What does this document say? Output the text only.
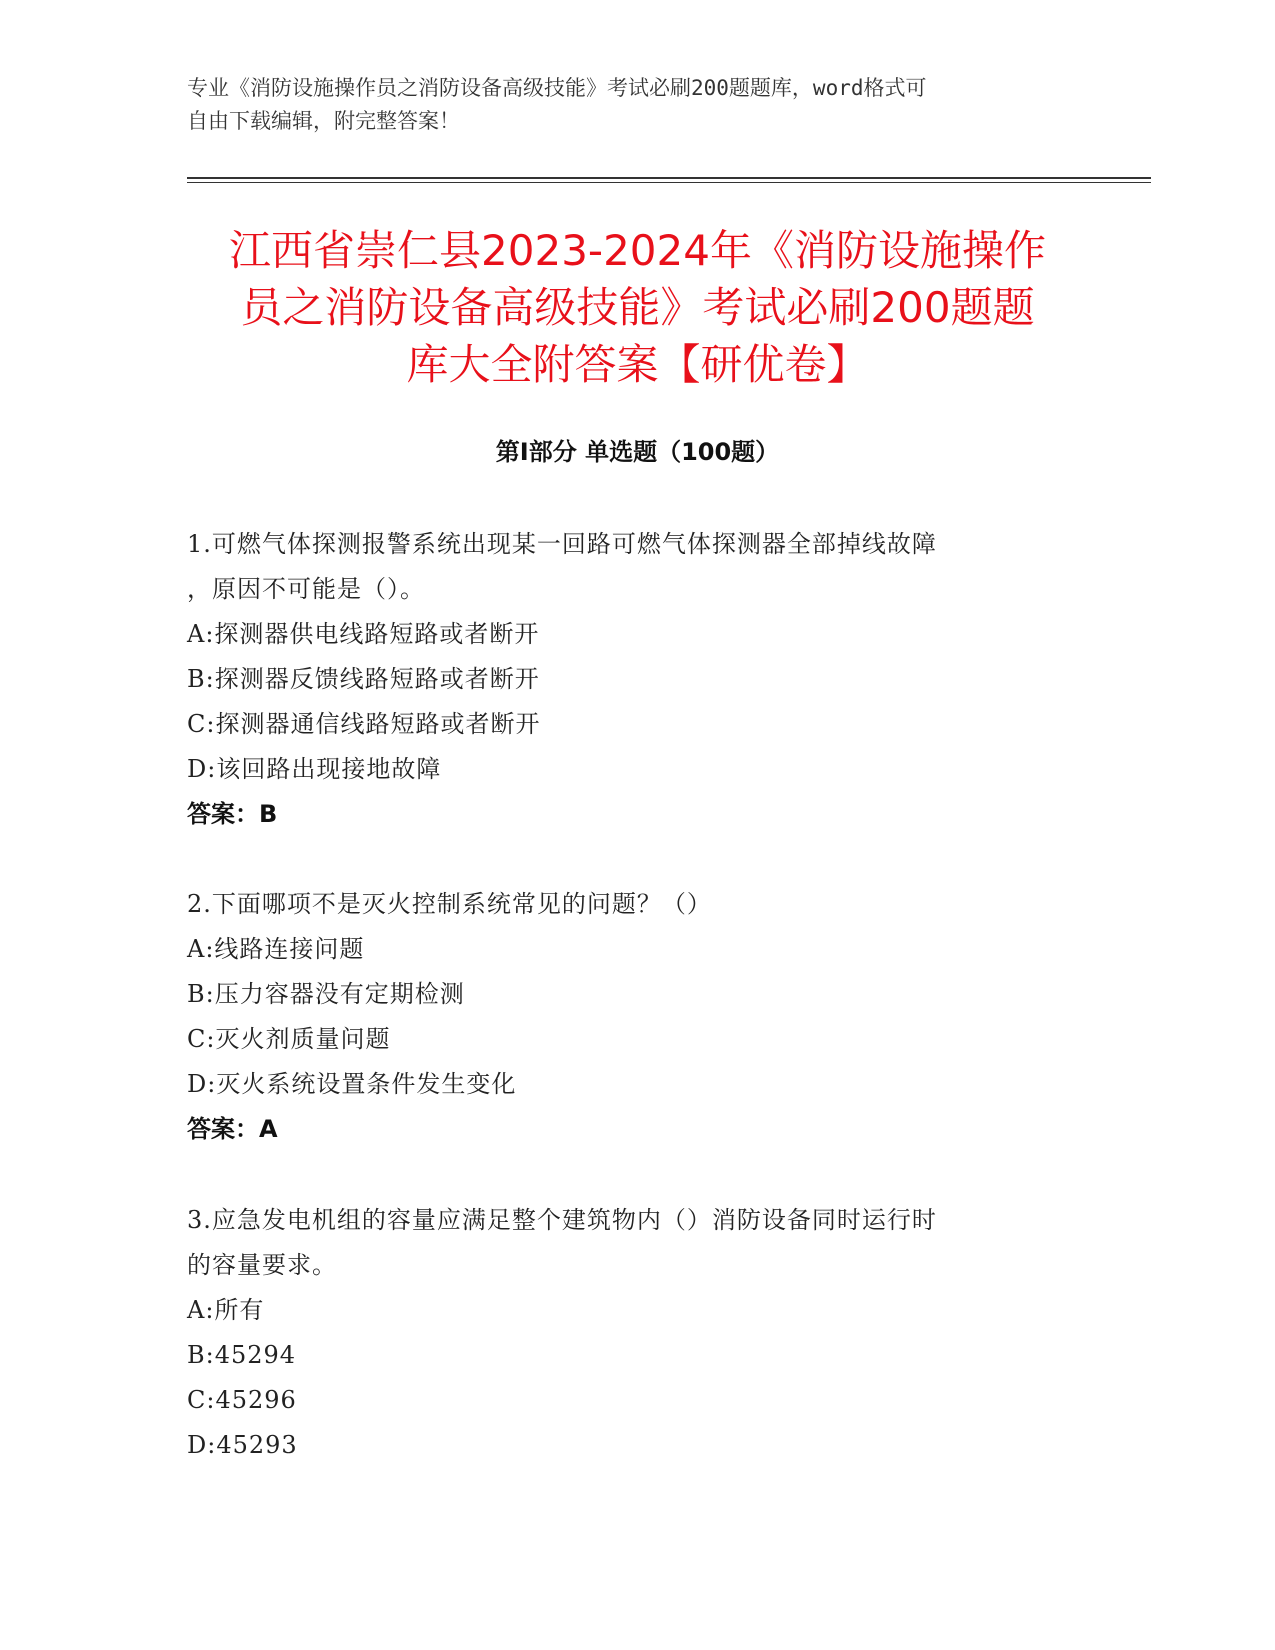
专业《消防设施操作员之消防设备高级技能》考试必刷200题题库，word格式可
自由下载编辑，附完整答案！
江西省崇仁县2023-2024年《消防设施操作
员之消防设备高级技能》考试必刷200题题
库大全附答案【研优卷】
第I部分 单选题（100题）
1.可燃气体探测报警系统出现某一回路可燃气体探测器全部掉线故障
，原因不可能是（）。
A:探测器供电线路短路或者断开
B:探测器反馈线路短路或者断开
C:探测器通信线路短路或者断开
D:该回路出现接地故障
答案：B
2.下面哪项不是灭火控制系统常见的问题？（）
A:线路连接问题
B:压力容器没有定期检测
C:灭火剂质量问题
D:灭火系统设置条件发生变化
答案：A
3.应急发电机组的容量应满足整个建筑物内（）消防设备同时运行时
的容量要求。
A:所有
B:45294
C:45296
D:45293
